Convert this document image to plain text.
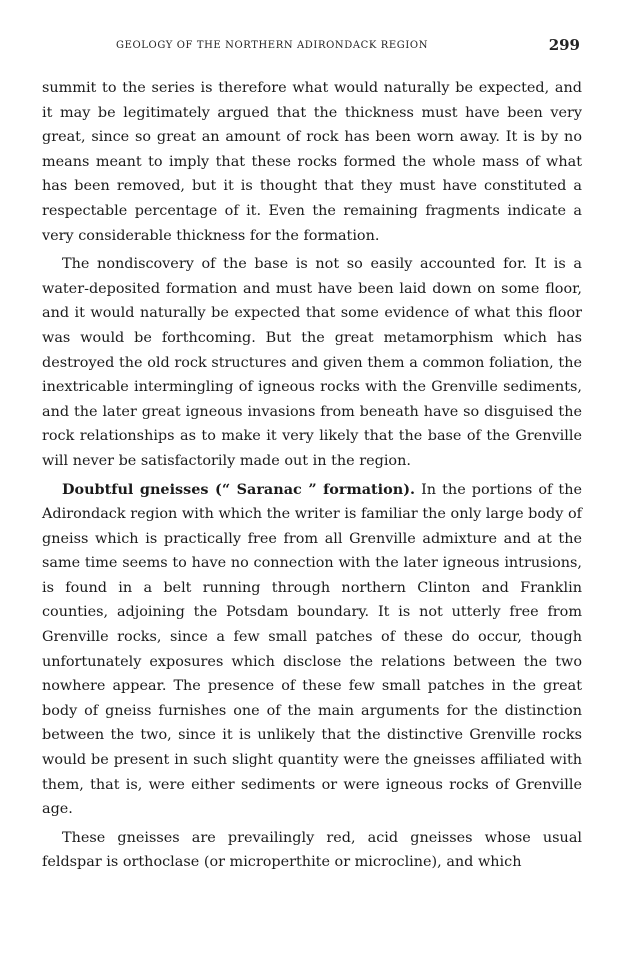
GEOLOGY OF THE NORTHERN ADIRONDACK REGION	299

summit to the series is therefore what would naturally be expected, and it may be legitimately argued that the thickness must have been very great, since so great an amount of rock has been worn away. It is by no means meant to imply that these rocks formed the whole mass of what has been removed, but it is thought that they must have constituted a respectable percentage of it. Even the remaining fragments indicate a very considerable thickness for the formation.

The nondiscovery of the base is not so easily accounted for. It is a water-deposited formation and must have been laid down on some floor, and it would naturally be expected that some evidence of what this floor was would be forthcoming. But the great metamorphism which has destroyed the old rock structures and given them a common foliation, the inextricable intermingling of igneous rocks with the Grenville sediments, and the later great igneous invasions from beneath have so disguised the rock relationships as to make it very likely that the base of the Grenville will never be satisfactorily made out in the region.

Doubtful gneisses (“ Saranac ” formation). In the portions of the Adirondack region with which the writer is familiar the only large body of gneiss which is practically free from all Grenville admixture and at the same time seems to have no connection with the later igneous intrusions, is found in a belt running through northern Clinton and Franklin counties, adjoining the Potsdam boundary. It is not utterly free from Grenville rocks, since a few small patches of these do occur, though unfortunately exposures which disclose the relations between the two nowhere appear. The presence of these few small patches in the great body of gneiss furnishes one of the main arguments for the distinction between the two, since it is unlikely that the distinctive Grenville rocks would be present in such slight quantity were the gneisses affiliated with them, that is, were either sediments or were igneous rocks of Grenville age.

These gneisses are prevailingly red, acid gneisses whose usual feldspar is orthoclase (or microperthite or microcline), and which
